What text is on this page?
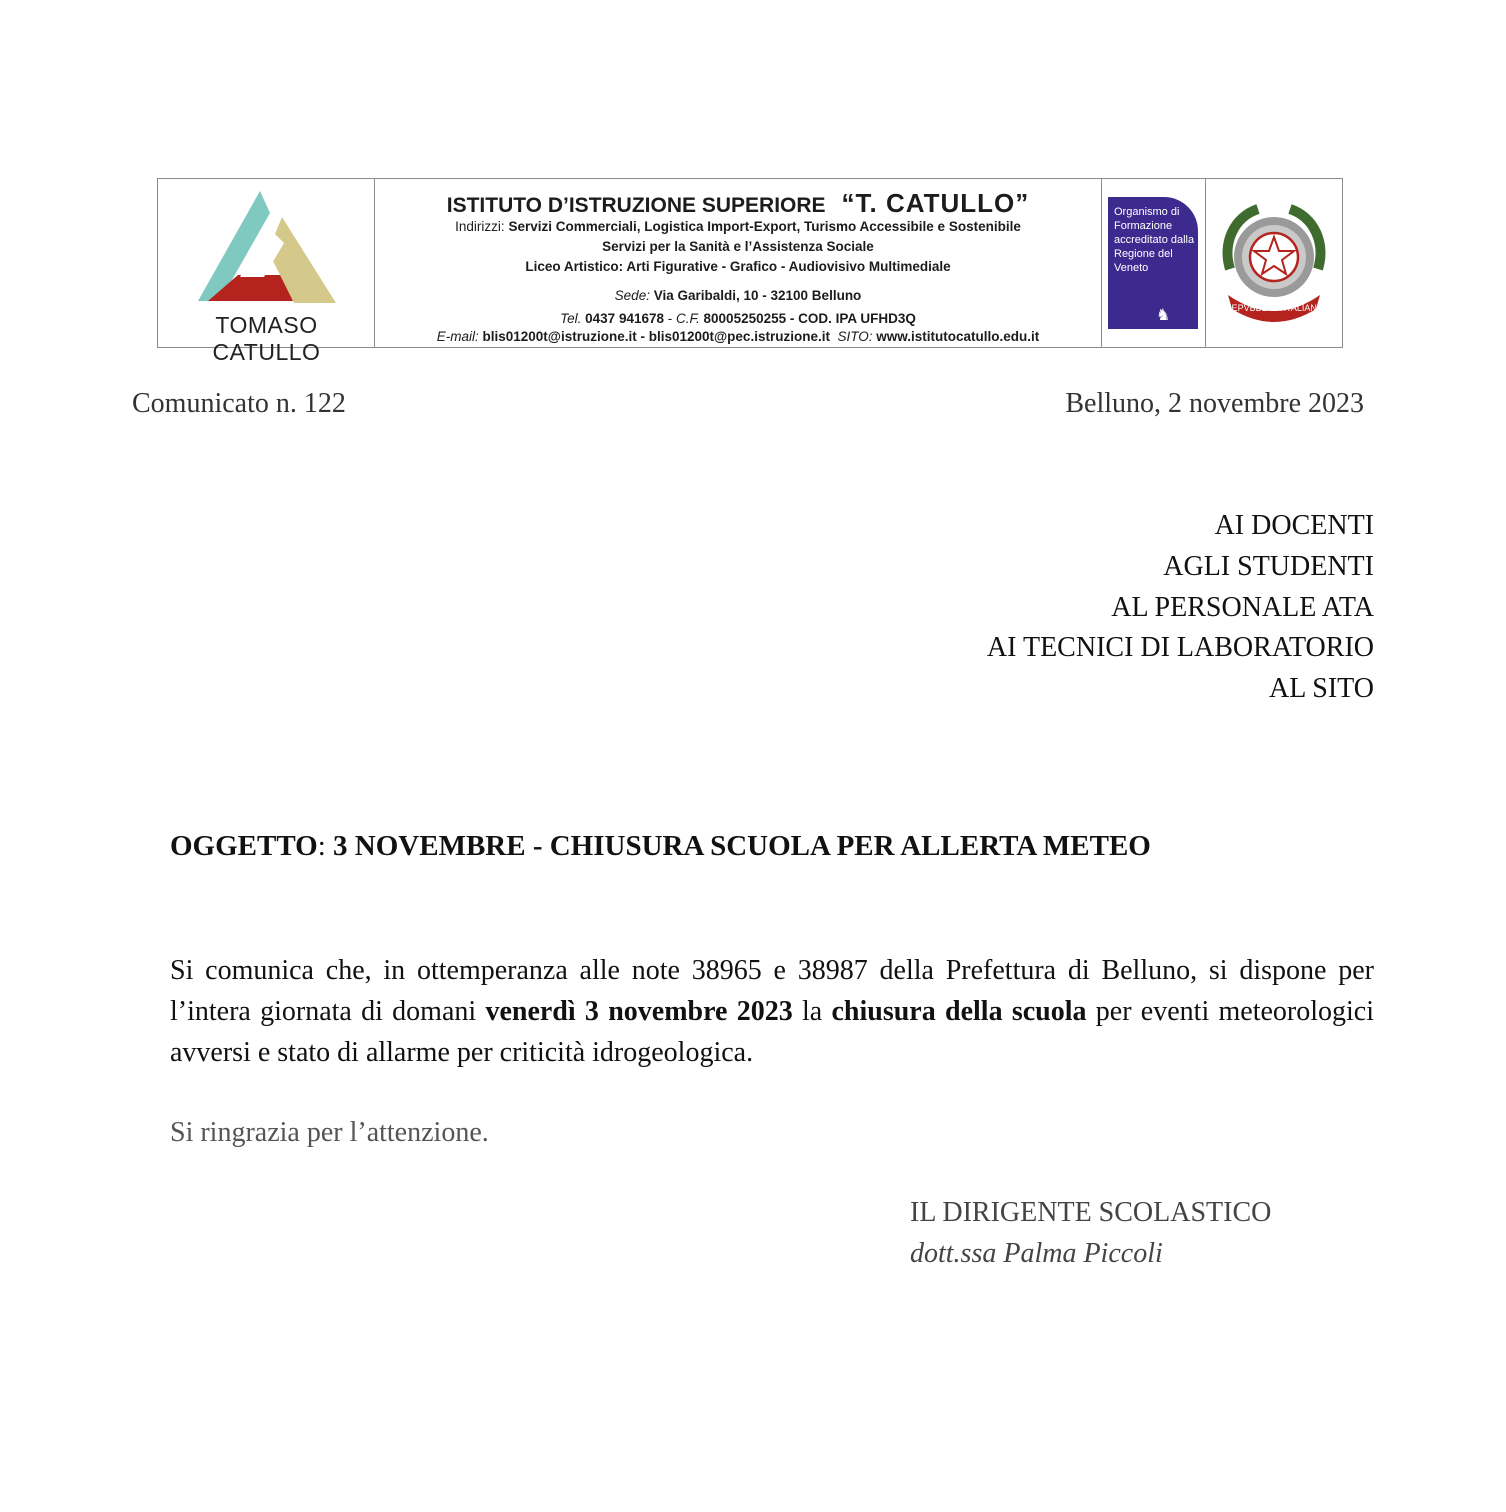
TOMASO CATULLO
ISTITUTO D’ISTRUZIONE SUPERIORE “T. CATULLO”
Indirizzi: Servizi Commerciali, Logistica Import-Export, Turismo Accessibile e Sostenibile
Servizi per la Sanità e l’Assistenza Sociale
Liceo Artistico: Arti Figurative - Grafico - Audiovisivo Multimediale
Sede: Via Garibaldi, 10 - 32100 Belluno
Tel. 0437 941678 - C.F. 80005250255 - COD. IPA UFHD3Q
E-mail: blis01200t@istruzione.it - blis01200t@pec.istruzione.it SITO: www.istitutocatullo.edu.it
Organismo di Formazione accreditato dalla Regione del Veneto
♞	REPVBBLICA ITALIANA
Comunicato n. 122	Belluno, 2 novembre 2023
AI DOCENTI
AGLI STUDENTI
AL PERSONALE ATA
AI TECNICI DI LABORATORIO
AL SITO
OGGETTO: 3 NOVEMBRE - CHIUSURA SCUOLA PER ALLERTA METEO
Si comunica che, in ottemperanza alle note 38965 e 38987 della Prefettura di Belluno, si dispone per l’intera giornata di domani venerdì 3 novembre 2023 la chiusura della scuola per eventi meteorologici avversi e stato di allarme per criticità idrogeologica.
Si ringrazia per l’attenzione.
IL DIRIGENTE SCOLASTICO
dott.ssa Palma Piccoli
